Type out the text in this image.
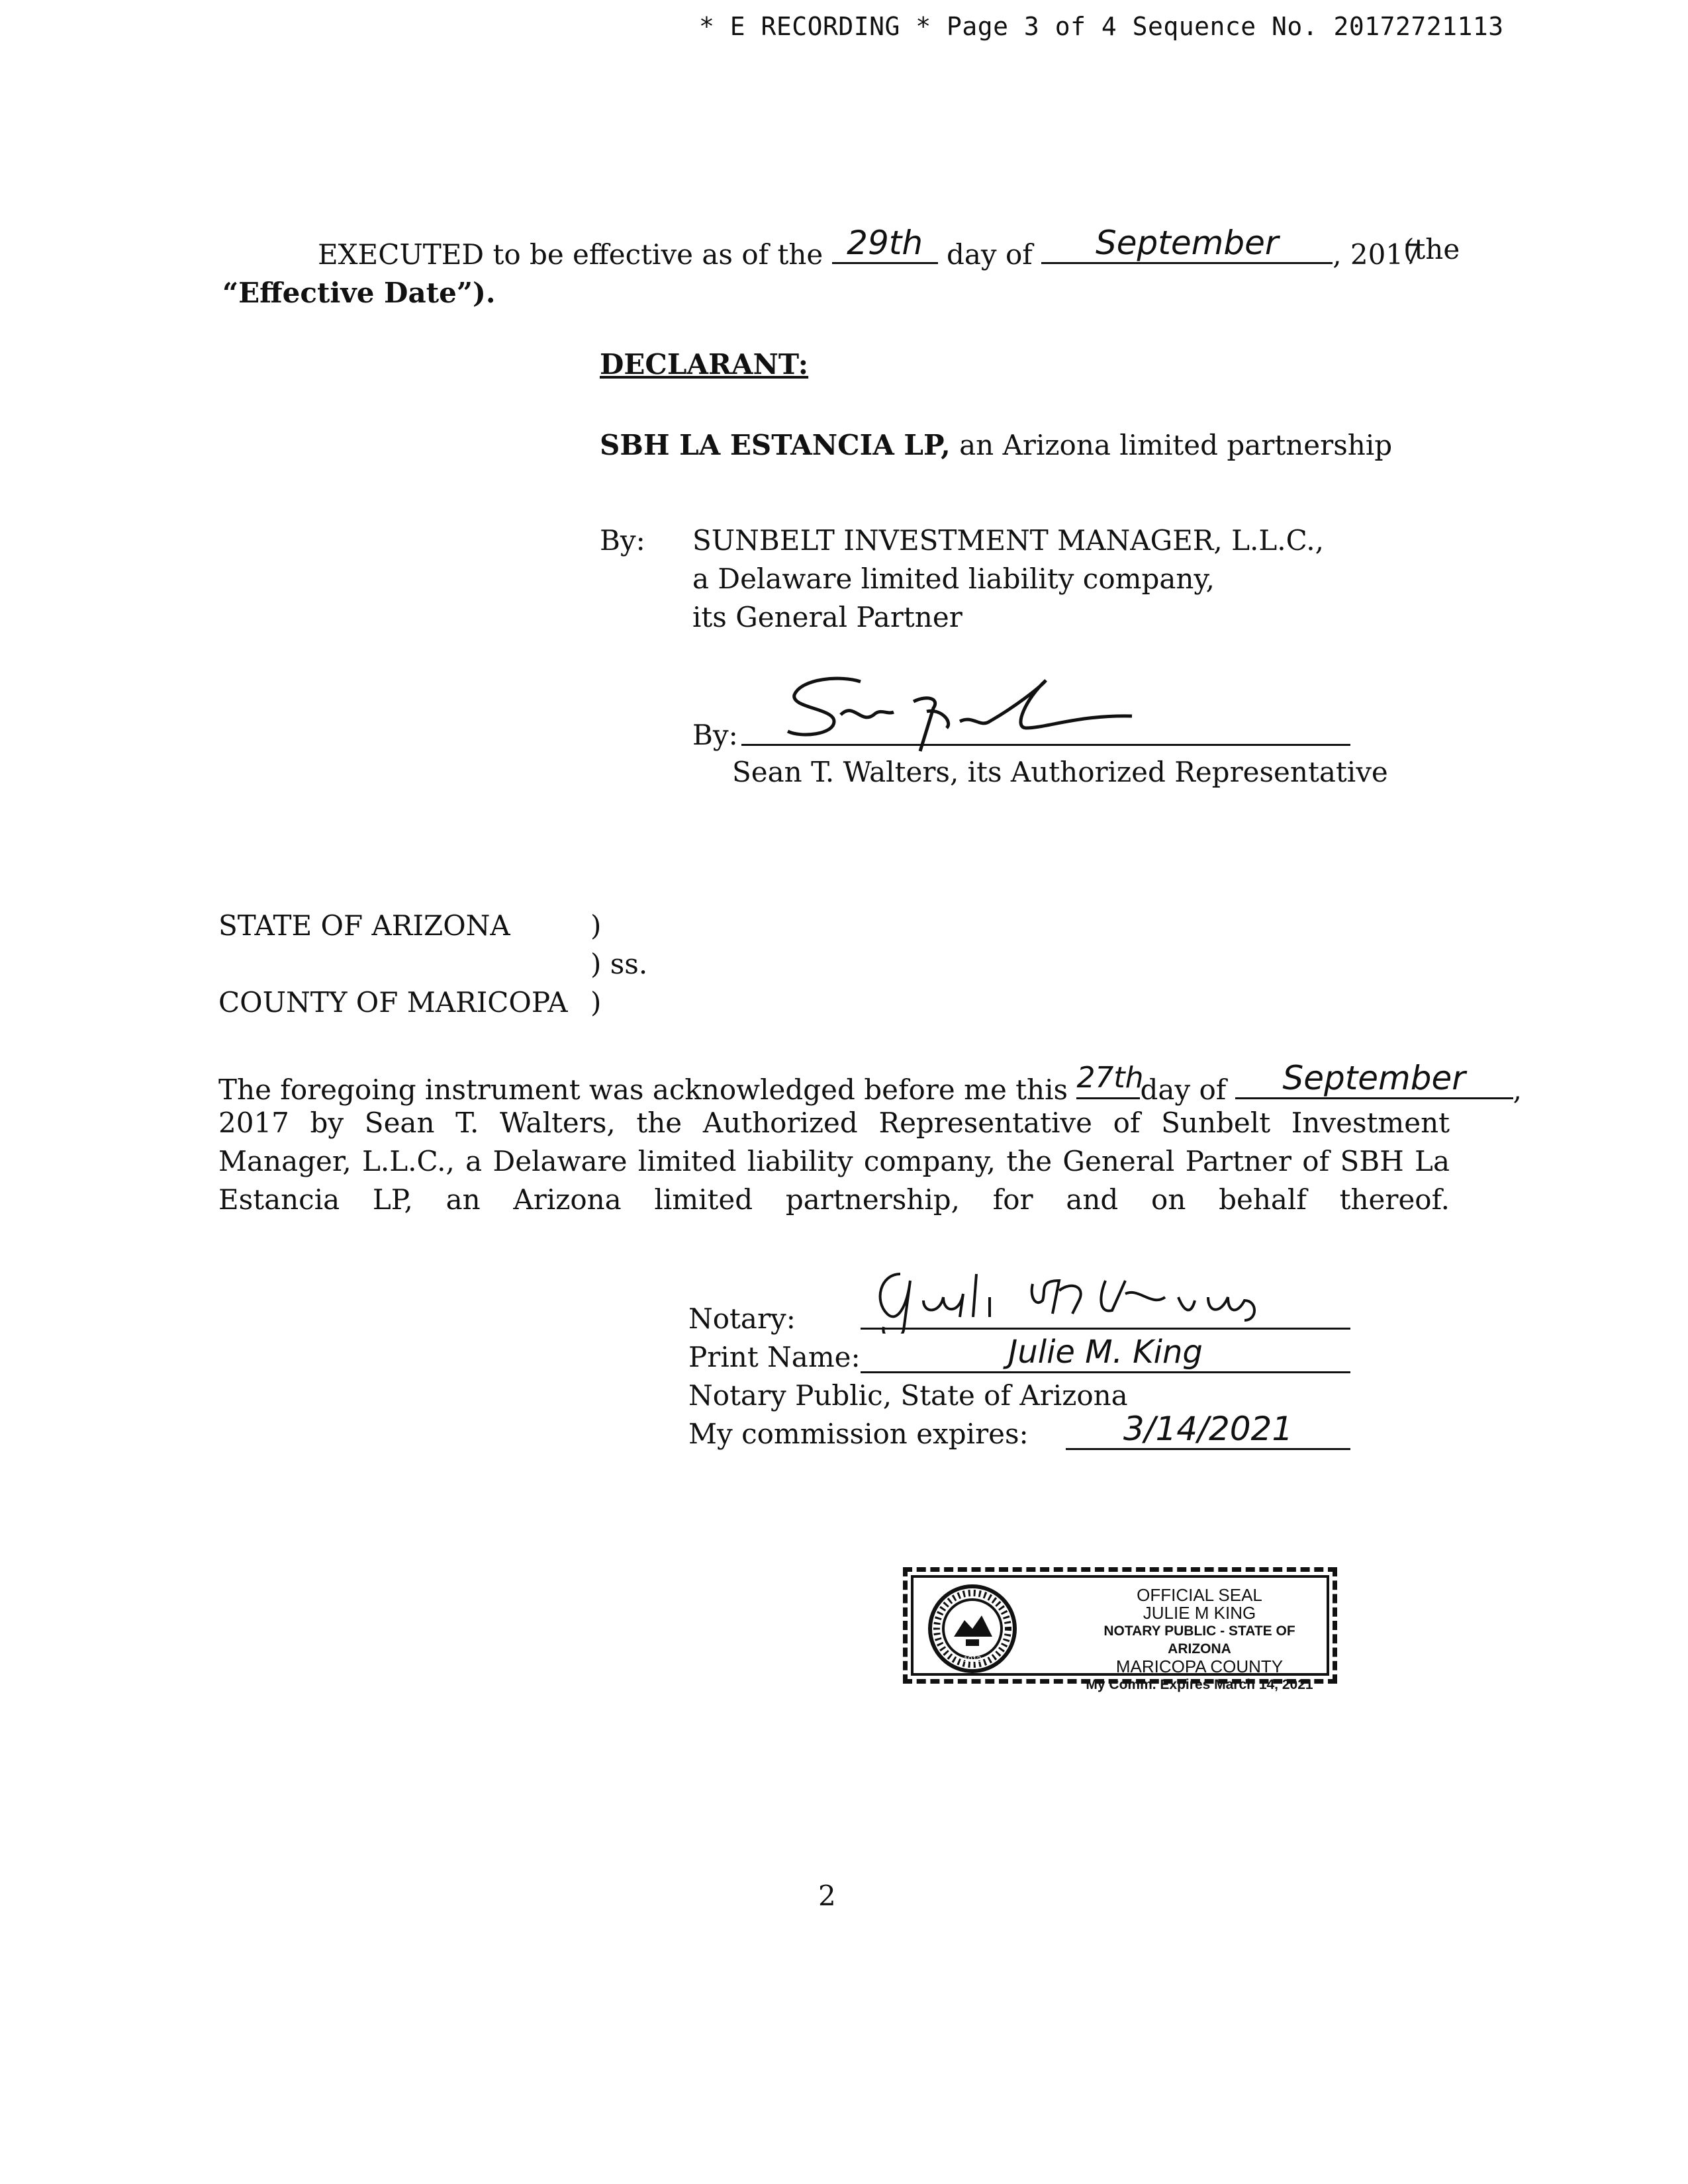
* E RECORDING * Page 3 of 4 Sequence No. 20172721113
EXECUTED to be effective as of the 29th day of	September	, 2017
(the
“Effective Date”).
DECLARANT:
SBH LA ESTANCIA LP, an Arizona limited partnership
By: SUNBELT INVESTMENT MANAGER, L.L.C.,
a Delaware limited liability company,
its General Partner
By:
Sean T. Walters, its Authorized Representative
STATE OF ARIZONA	)
) ss.
COUNTY OF MARICOPA )
The foregoing instrument was acknowledged before me this 27th
day of	September	,
2017 by Sean T. Walters, the Authorized Representative of Sunbelt Investment Manager, L.L.C., a Delaware limited liability company, the General Partner of SBH La Estancia LP, an Arizona limited partnership, for and on behalf thereof.
Notary:
Print Name:	Julie M. King
Notary Public, State of Arizona
My commission expires:	3/14/2021
1912
OFFICIAL SEAL
JULIE M KING
NOTARY PUBLIC - STATE OF ARIZONA
MARICOPA COUNTY
My Comm. Expires March 14, 2021
2
